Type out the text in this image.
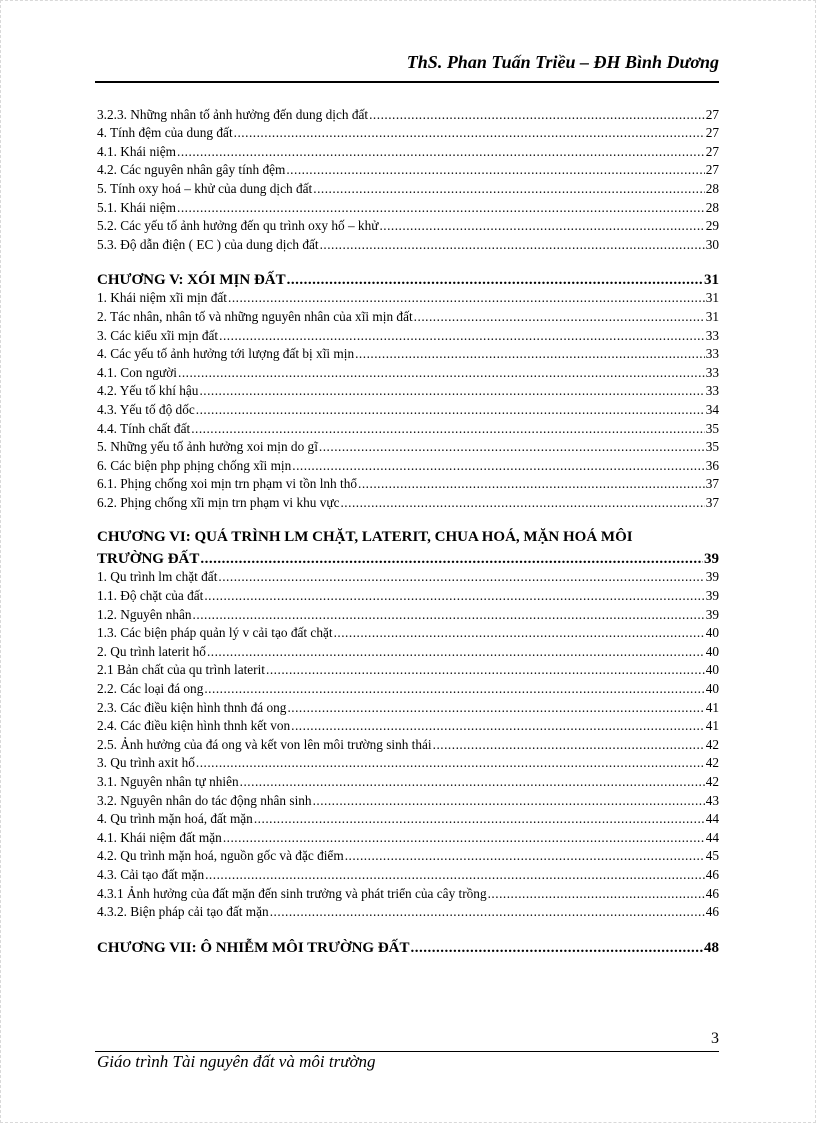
ThS. Phan Tuấn Triều – ĐH Bình Dương
3.2.3. Những nhân tố ảnh hưởng đến dung dịch đất .....	27
4. Tính đệm của dung đất .....	27
4.1. Khái niệm .....	27
4.2. Các nguyên nhân gây tính đệm .....	27
5. Tính oxy hoá – khử của dung dịch đất .....	28
5.1. Khái niệm .....	28
5.2. Các yếu tố ảnh hưởng đến qu trình oxy hố – khử .....	29
5.3. Độ dẫn điện ( EC ) của dung dịch đất .....	30
CHƯƠNG V: XÓI MỊN ĐẤT .....	31
1. Khái niệm xĩi mịn đất .....	31
2. Tác nhân, nhân tố và những nguyên nhân của xĩi mịn đất .....	31
3. Các kiểu xĩi mịn đất .....	33
4. Các yếu tố ảnh hưởng tới lượng đất bị xĩi mịn .....	33
4.1. Con người .....	33
4.2. Yếu tố khí hậu .....	33
4.3. Yếu tố độ dốc .....	34
4.4. Tính chất đất .....	35
5. Những yếu tố ảnh hưởng xoi mịn do gĩ .....	35
6. Các biện php phịng chống xĩi mịn .....	36
6.1. Phịng chống xoi mịn trn phạm vi tồn lnh thổ .....	37
6.2. Phịng chống xĩi mịn trn phạm vi khu vực .....	37
CHƯƠNG VI: QUÁ TRÌNH LM CHẶT, LATERIT, CHUA HOÁ, MẶN HOÁ MÔI
TRƯỜNG ĐẤT .....	39
1. Qu trình lm chặt đất .....	39
1.1. Độ chặt của đất .....	39
1.2. Nguyên nhân .....	39
1.3. Các biện pháp quản lý v cải tạo đất chặt .....	40
2. Qu trình laterit hố .....	40
2.1 Bản chất của qu trình laterit .....	40
2.2. Các loại đá ong .....	40
2.3. Các điều kiện hình thnh đá ong .....	41
2.4. Các điều kiện hình thnh kết von .....	41
2.5. Ảnh hưởng của đá ong và kết von lên môi trường sinh thái .....	42
3. Qu trình axit hố .....	42
3.1. Nguyên nhân tự nhiên .....	42
3.2. Nguyên nhân do tác động nhân sinh .....	43
4. Qu trình mặn hoá, đất mặn .....	44
4.1. Khái niệm đất mặn .....	44
4.2. Qu trình mặn hoá, nguồn gốc và đặc điểm .....	45
4.3. Cải tạo đất mặn .....	46
4.3.1 Ảnh hưởng của đất mặn đến sinh trưởng và phát triển của cây trồng .....	46
4.3.2. Biện pháp cải tạo đất mặn .....	46
CHƯƠNG VII: Ô NHIỄM MÔI TRƯỜNG ĐẤT .....	48
3
Giáo trình Tài nguyên đất và môi trường
